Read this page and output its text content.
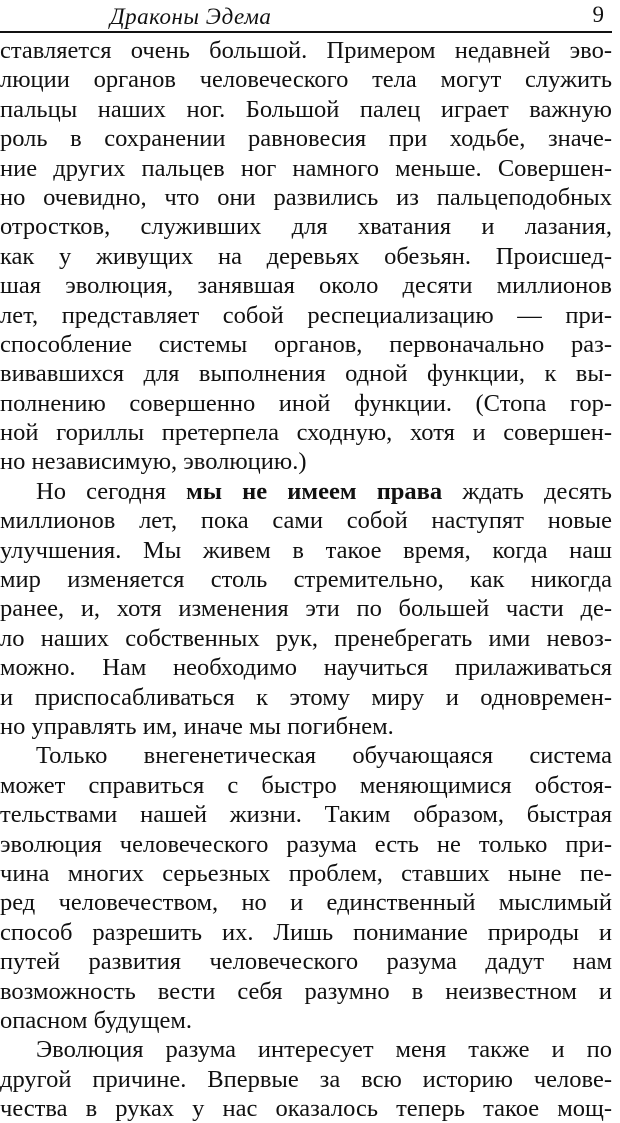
Драконы Эдема	9
ставляется очень большой. Примером недавней эво-
люции органов человеческого тела могут служить
пальцы наших ног. Большой палец играет важную
роль в сохранении равновесия при ходьбе, значе-
ние других пальцев ног намного меньше. Совершен-
но очевидно, что они развились из пальцеподобных
отростков, служивших для хватания и лазания,
как у живущих на деревьях обезьян. Происшед-
шая эволюция, занявшая около десяти миллионов
лет, представляет собой респециализацию — при-
способление системы органов, первоначально раз-
вивавшихся для выполнения одной функции, к вы-
полнению совершенно иной функции. (Стопа гор-
ной гориллы претерпела сходную, хотя и совершен-
но независимую, эволюцию.)
Но сегодня мы не имеем права ждать десять
миллионов лет, пока сами собой наступят новые
улучшения. Мы живем в такое время, когда наш
мир изменяется столь стремительно, как никогда
ранее, и, хотя изменения эти по большей части де-
ло наших собственных рук, пренебрегать ими невоз-
можно. Нам необходимо научиться прилаживаться
и приспосабливаться к этому миру и одновремен-
но управлять им, иначе мы погибнем.
Только внегенетическая обучающаяся система
может справиться с быстро меняющимися обстоя-
тельствами нашей жизни. Таким образом, быстрая
эволюция человеческого разума есть не только при-
чина многих серьезных проблем, ставших ныне пе-
ред человечеством, но и единственный мыслимый
способ разрешить их. Лишь понимание природы и
путей развития человеческого разума дадут нам
возможность вести себя разумно в неизвестном и
опасном будущем.
Эволюция разума интересует меня также и по
другой причине. Впервые за всю историю челове-
чества в руках у нас оказалось теперь такое мощ-
